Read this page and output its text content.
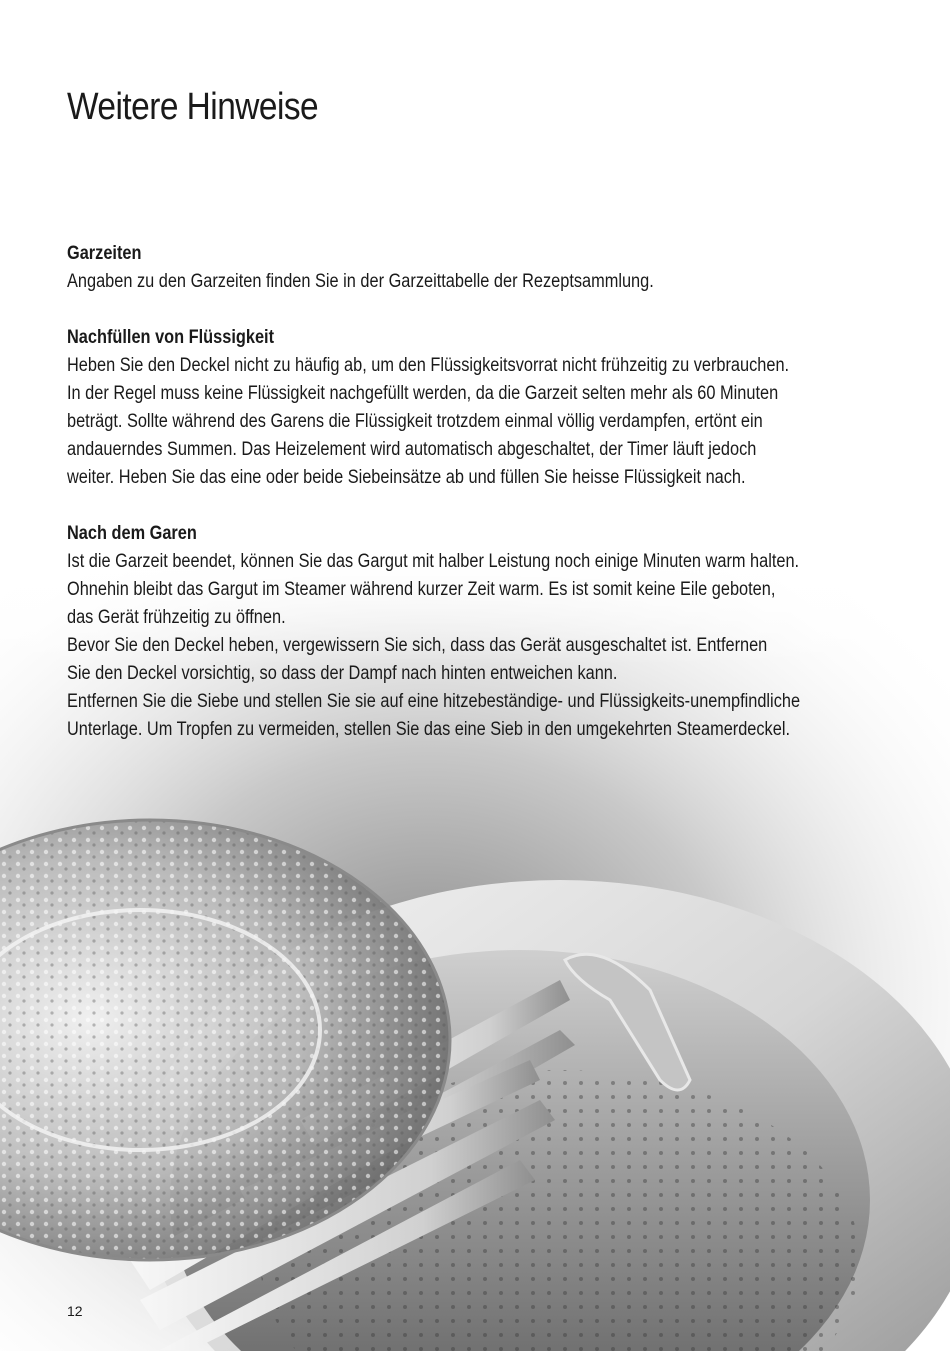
Weitere Hinweise
Garzeiten

Angaben zu den Garzeiten finden Sie in der Garzeittabelle der Rezeptsammlung.

Nachfüllen von Flüssigkeit

Heben Sie den Deckel nicht zu häufig ab, um den Flüssigkeitsvorrat nicht frühzeitig zu verbrauchen.

In der Regel muss keine Flüssigkeit nachgefüllt werden, da die Garzeit selten mehr als 60 Minuten

beträgt. Sollte während des Garens die Flüssigkeit trotzdem einmal völlig verdampfen, ertönt ein

andauerndes Summen. Das Heizelement wird automatisch abgeschaltet, der Timer läuft jedoch

weiter. Heben Sie das eine oder beide Siebeinsätze ab und füllen Sie heisse Flüssigkeit nach.

Nach dem Garen

Ist die Garzeit beendet, können Sie das Gargut mit halber Leistung noch einige Minuten warm halten.

Ohnehin bleibt das Gargut im Steamer während kurzer Zeit warm. Es ist somit keine Eile geboten,

das Gerät frühzeitig zu öffnen.

Bevor Sie den Deckel heben, vergewissern Sie sich, dass das Gerät ausgeschaltet ist. Entfernen

Sie den Deckel vorsichtig, so dass der Dampf nach hinten entweichen kann.

Entfernen Sie die Siebe und stellen Sie sie auf eine hitzebeständige- und Flüssigkeits-unempfindliche

Unterlage. Um Tropfen zu vermeiden, stellen Sie das eine Sieb in den umgekehrten Steamerdeckel.

12
